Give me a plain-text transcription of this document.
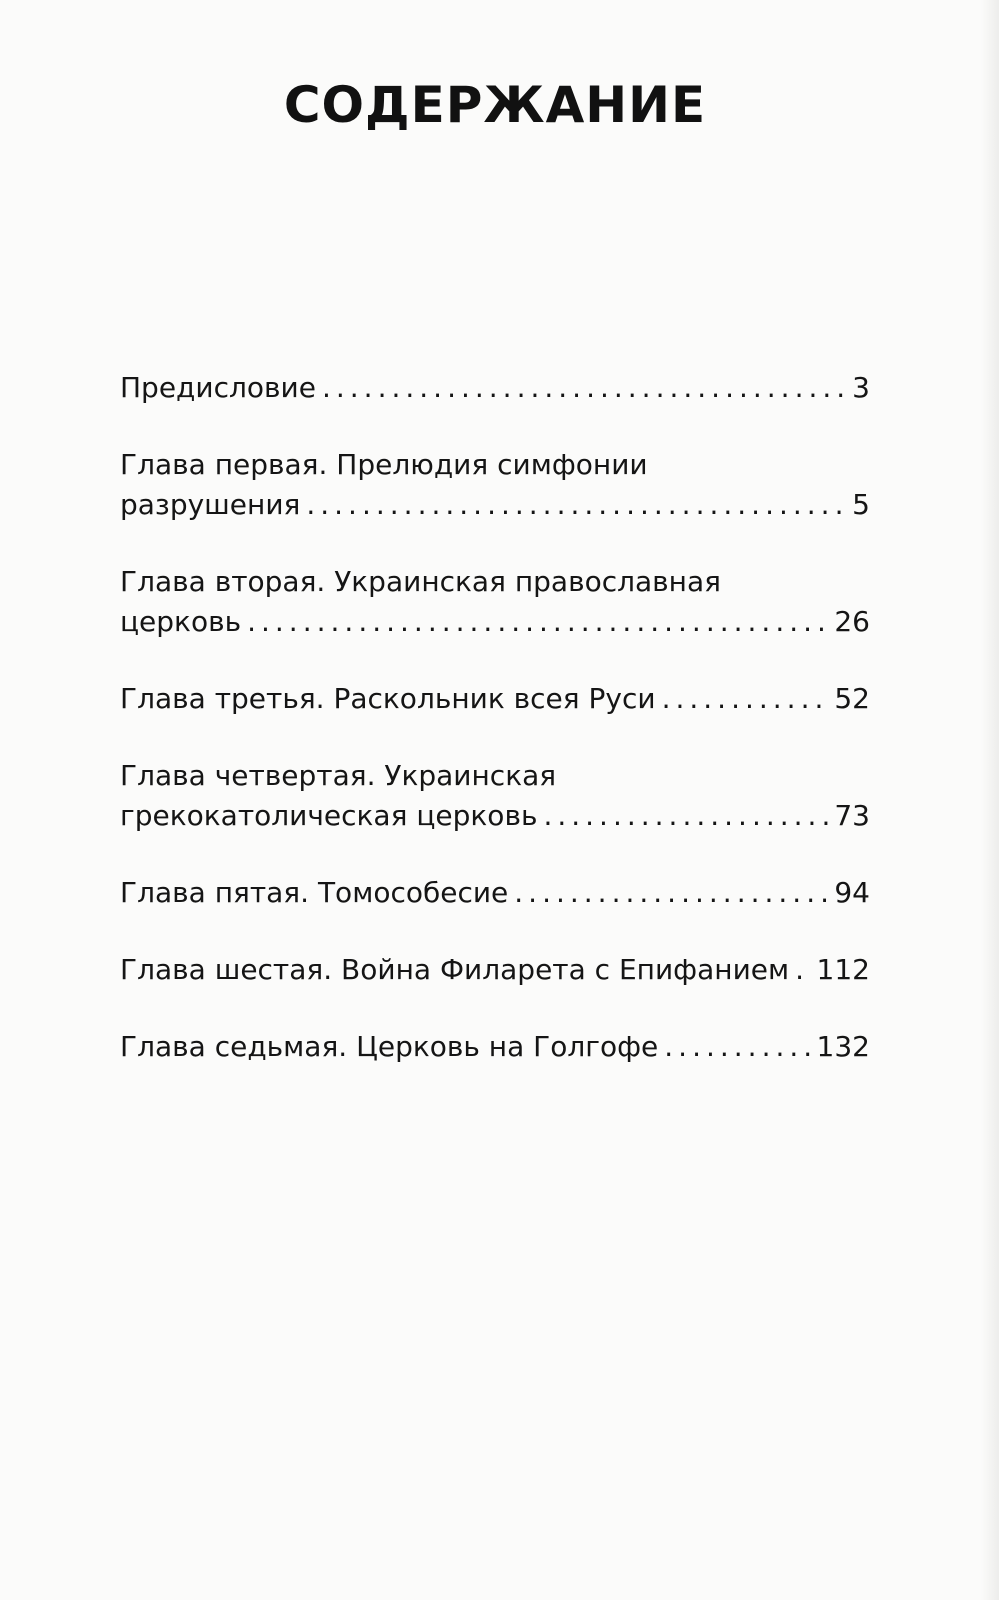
СОДЕРЖАНИЕ
Предисловие .....	3
Глава первая. Прелюдия симфонии
разрушения .....	5
Глава вторая. Украинская православная
церковь .....	26
Глава третья. Раскольник всея Руси .....	52
Глава четвертая. Украинская
грекокатолическая церковь .....	73
Глава пятая. Томособесие .....	94
Глава шестая. Война Филарета с Епифанием ..... 112
Глава седьмая. Церковь на Голгофе .....	132
